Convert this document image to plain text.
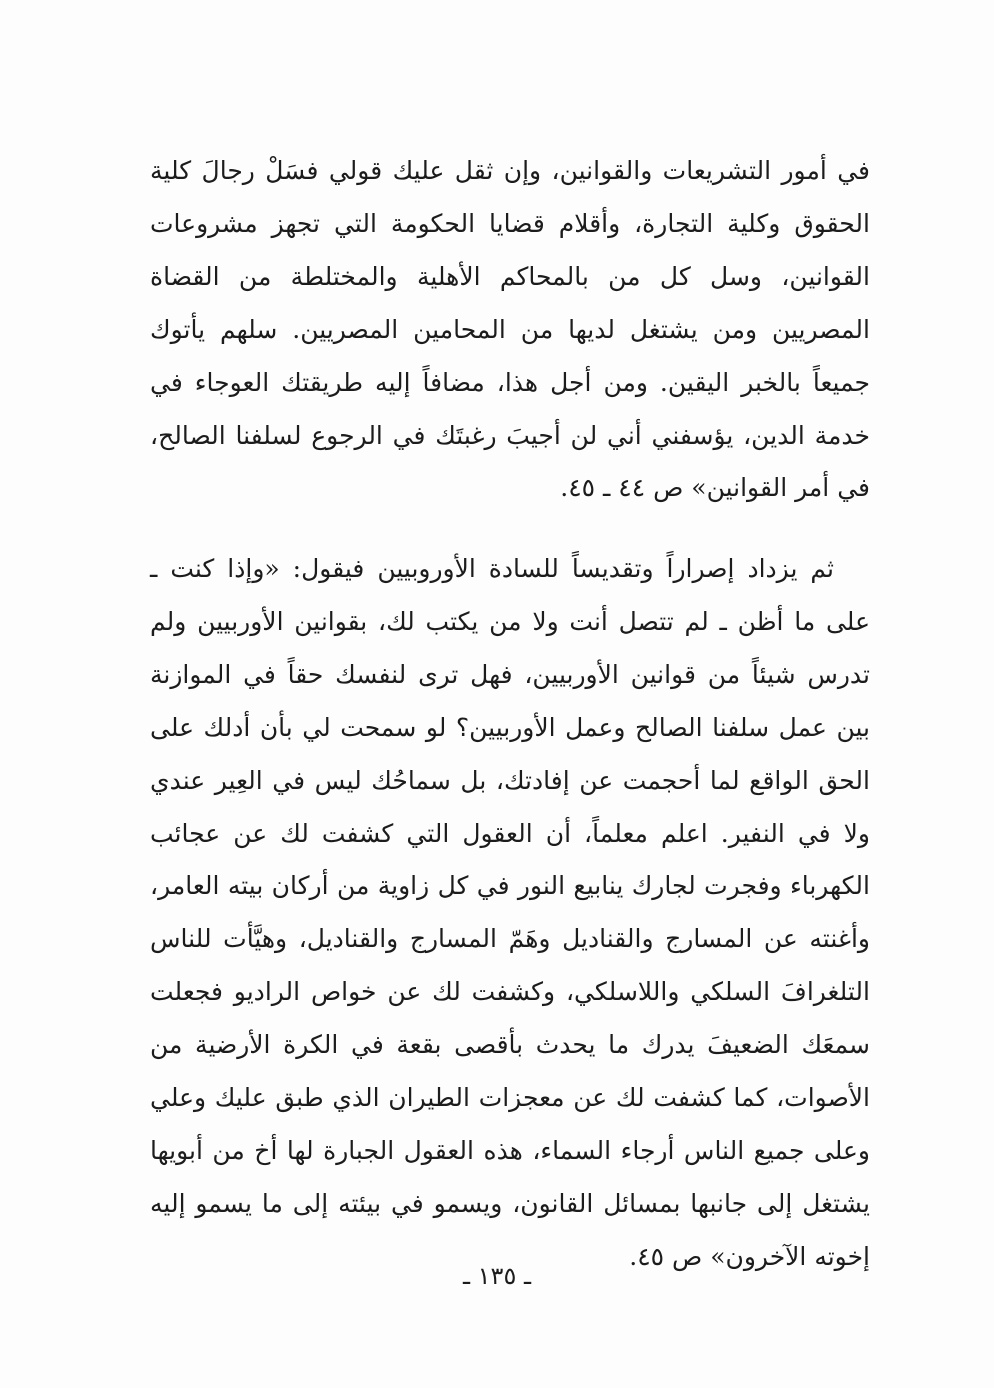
في أمور التشريعات والقوانين، وإن ثقل عليك قولي فسَلْ رجالَ كلية الحقوق وكلية التجارة، وأقلام قضايا الحكومة التي تجهز مشروعات القوانين، وسل كل من بالمحاكم الأهلية والمختلطة من القضاة المصريين ومن يشتغل لديها من المحامين المصريين. سلهم يأتوك جميعاً بالخبر اليقين. ومن أجل هذا، مضافاً إليه طريقتك العوجاء في خدمة الدين، يؤسفني أني لن أجيبَ رغبتَك في الرجوع لسلفنا الصالح، في أمر القوانين» ص ٤٤ ـ ٤٥.

ثم يزداد إصراراً وتقديساً للسادة الأوروبيين فيقول: «وإذا كنت ـ على ما أظن ـ لم تتصل أنت ولا من يكتب لك، بقوانين الأوربيين ولم تدرس شيئاً من قوانين الأوربيين، فهل ترى لنفسك حقاً في الموازنة بين عمل سلفنا الصالح وعمل الأوربيين؟ لو سمحت لي بأن أدلك على الحق الواقع لما أحجمت عن إفادتك، بل سماحُك ليس في العِير عندي ولا في النفير. اعلم معلماً، أن العقول التي كشفت لك عن عجائب الكهرباء وفجرت لجارك ينابيع النور في كل زاوية من أركان بيته العامر، وأغنته عن المسارج والقناديل وهَمّ المسارج والقناديل، وهيَّأت للناس التلغرافَ السلكي واللاسلكي، وكشفت لك عن خواص الراديو فجعلت سمعَك الضعيفَ يدرك ما يحدث بأقصى بقعة في الكرة الأرضية من الأصوات، كما كشفت لك عن معجزات الطيران الذي طبق عليك وعلي وعلى جميع الناس أرجاء السماء، هذه العقول الجبارة لها أخ من أبويها يشتغل إلى جانبها بمسائل القانون، ويسمو في بيئته إلى ما يسمو إليه إخوته الآخرون» ص ٤٥.

ـ ١٣٥ ـ
